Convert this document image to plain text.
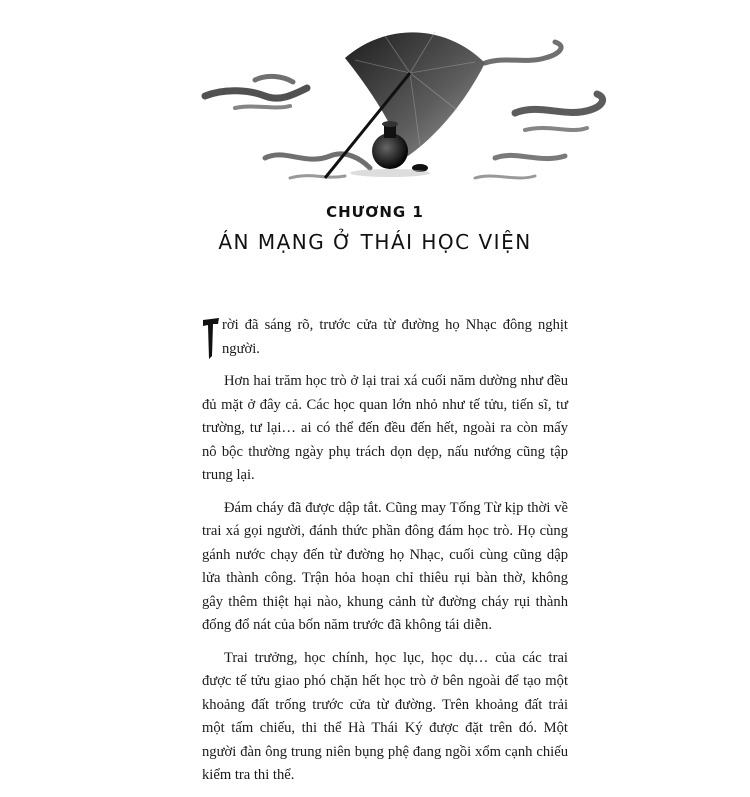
CHƯƠNG 1
ÁN MẠNG Ở THÁI HỌC VIỆN

rời đã sáng rõ, trước cửa từ đường họ Nhạc đông nghịt người.

Hơn hai trăm học trò ở lại trai xá cuối năm dường như đều đủ mặt ở đây cả. Các học quan lớn nhỏ như tế tửu, tiến sĩ, tư trường, tư lại… ai có thể đến đều đến hết, ngoài ra còn mấy nô bộc thường ngày phụ trách dọn dẹp, nấu nướng cũng tập trung lại.

Đám cháy đã được dập tắt. Cũng may Tống Từ kịp thời về trai xá gọi người, đánh thức phần đông đám học trò. Họ cùng gánh nước chạy đến từ đường họ Nhạc, cuối cùng cũng dập lửa thành công. Trận hỏa hoạn chỉ thiêu rụi bàn thờ, không gây thêm thiệt hại nào, khung cảnh từ đường cháy rụi thành đống đổ nát của bốn năm trước đã không tái diễn.

Trai trưởng, học chính, học lục, học dụ… của các trai được tế tửu giao phó chặn hết học trò ở bên ngoài để tạo một khoảng đất trống trước cửa từ đường. Trên khoảng đất trải một tấm chiếu, thi thể Hà Thái Ký được đặt trên đó. Một người đàn ông trung niên bụng phệ đang ngồi xổm cạnh chiếu kiểm tra thi thể.
